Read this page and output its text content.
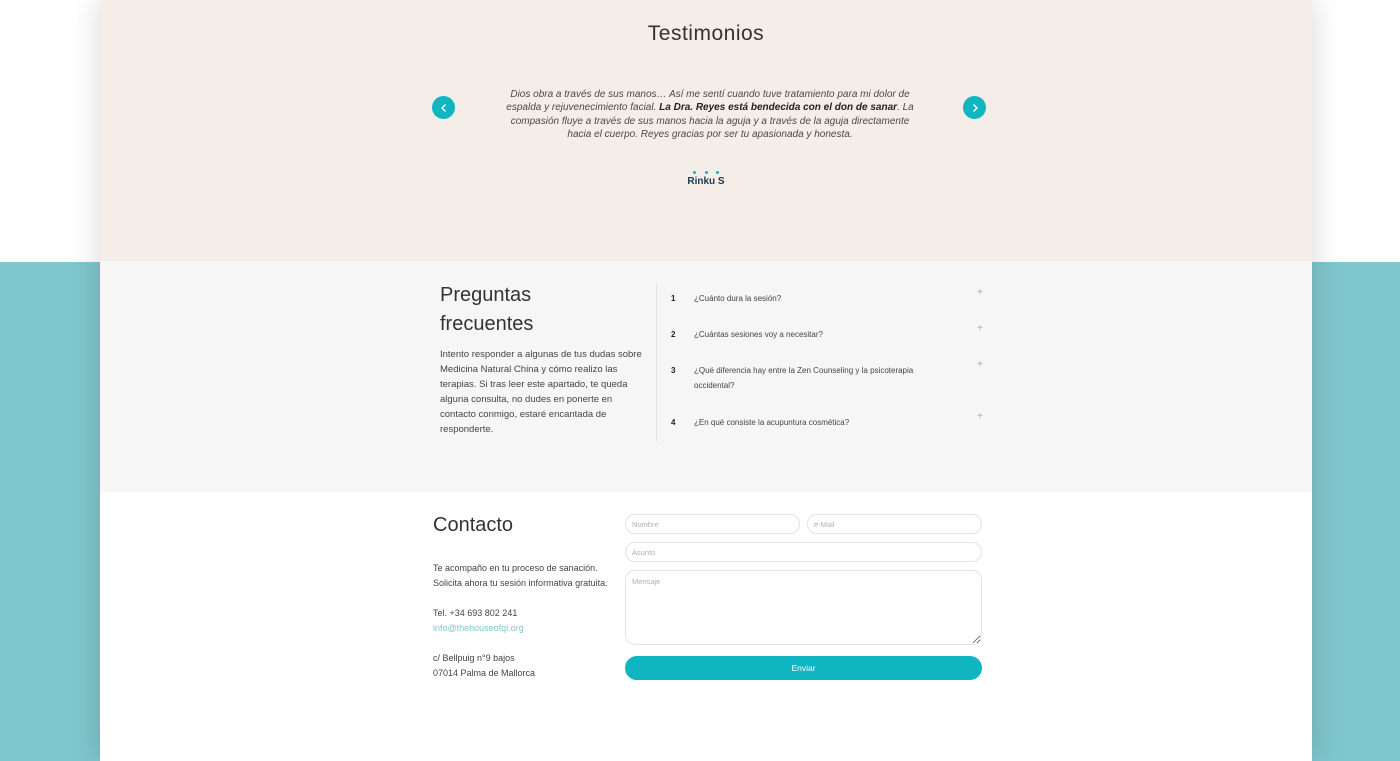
Testimonios

Dios obra a través de sus manos… Así me sentí cuando tuve tratamiento para mi dolor de espalda y rejuvenecimiento facial. La Dra. Reyes está bendecida con el don de sanar. La compasión fluye a través de sus manos hacia la aguja y a través de la aguja directamente hacia el cuerpo. Reyes gracias por ser tu apasionada y honesta.

Rinku S
Preguntas frecuentes

Intento responder a algunas de tus dudas sobre Medicina Natural China y cómo realizo las terapias. Si tras leer este apartado, te queda alguna consulta, no dudes en ponerte en contacto conmigo, estaré encantada de responderte.

1	¿Cuánto dura la sesión?
+
2	¿Cuántas sesiones voy a necesitar?
+
3	¿Qué diferencia hay entre la Zen Counseling y la psicoterapia occidental?
+
4	¿En qué consiste la acupuntura cosmética?
+
Contacto

Te acompaño en tu proceso de sanación. Solicita ahora tu sesión informativa gratuita.

Tel. +34 693 802 241
info@thehouseofqi.org

c/ Bellpuig n°9 bajos
07014 Palma de Mallorca

Nombre
e-Mail
Asunto
Mensaje	Enviar
